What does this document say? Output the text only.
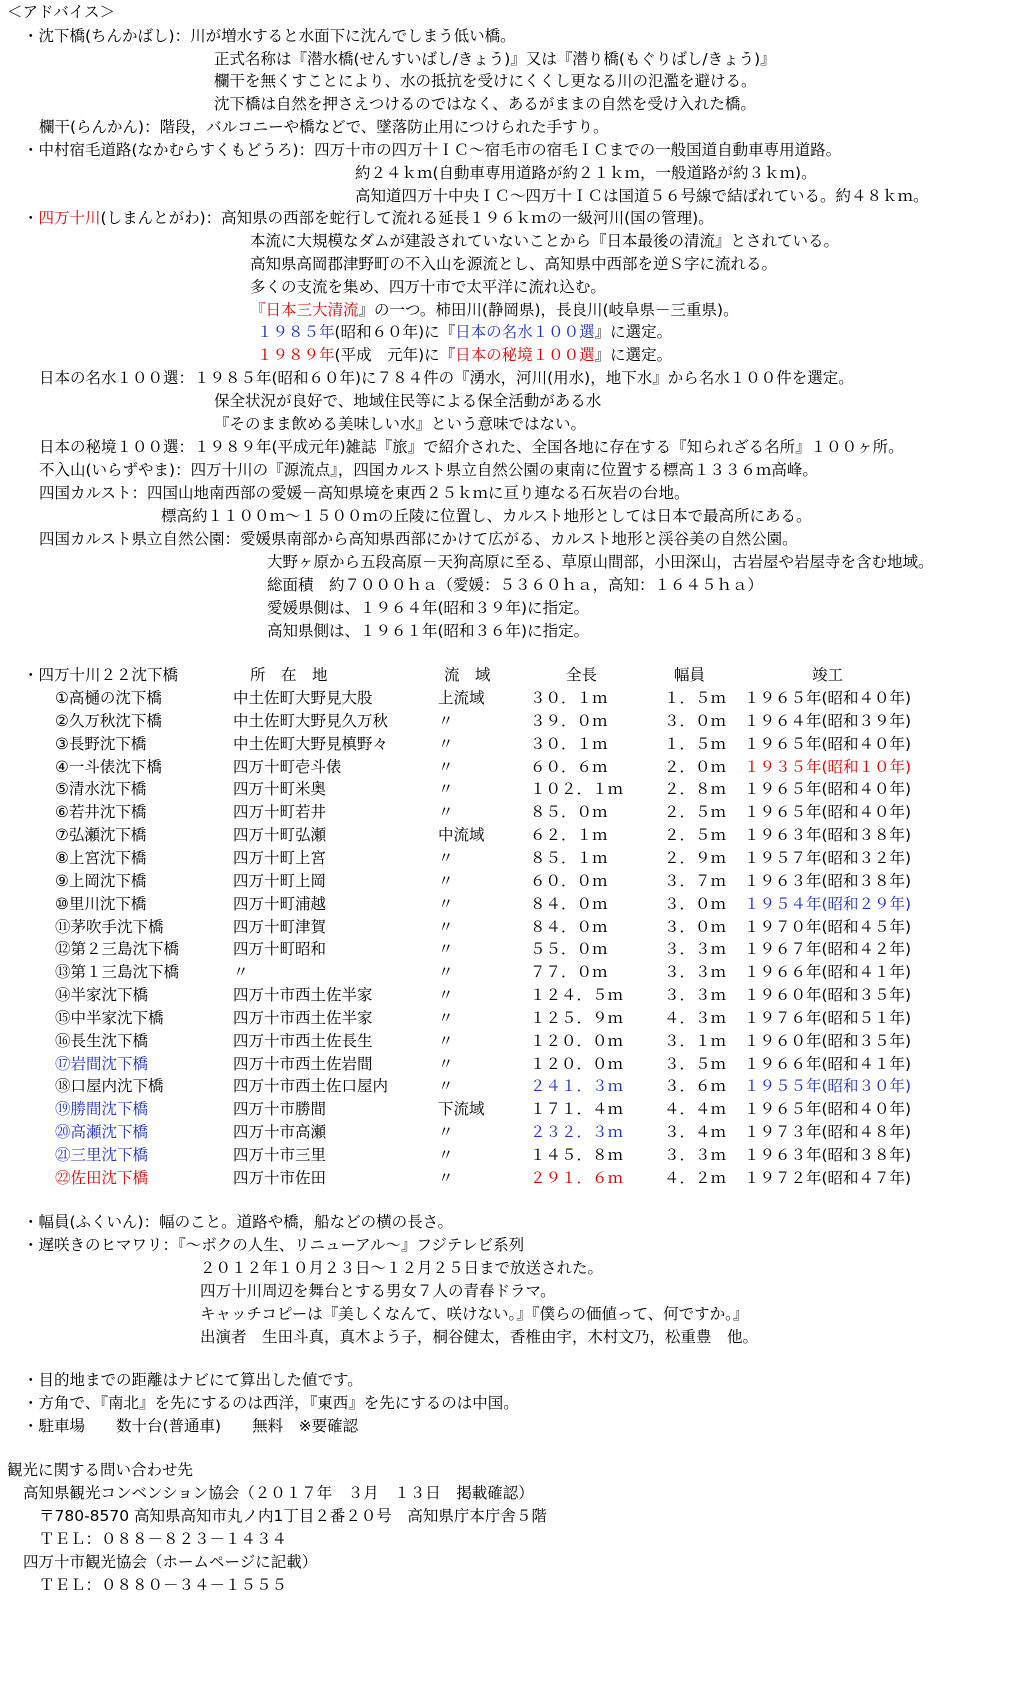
＜アドバイス＞
・沈下橋(ちんかばし)：川が増水すると水面下に沈んでしまう低い橋。
正式名称は『潜水橋(せんすいばし/きょう)』又は『潜り橋(もぐりばし/きょう)』
欄干を無くすことにより、水の抵抗を受けにくくし更なる川の氾濫を避ける。
沈下橋は自然を押さえつけるのではなく、あるがままの自然を受け入れた橋。
欄干(らんかん)：階段，バルコニーや橋などで、墜落防止用につけられた手すり。
・中村宿毛道路(なかむらすくもどうろ)：四万十市の四万十ＩＣ～宿毛市の宿毛ＩＣまでの一般国道自動車専用道路。
約２４ｋｍ(自動車専用道路が約２１ｋｍ，一般道路が約３ｋｍ)。
高知道四万十中央ＩＣ～四万十ＩＣは国道５６号線で結ばれている。約４８ｋｍ。
・四万十川(しまんとがわ)：高知県の西部を蛇行して流れる延長１９６ｋｍの一級河川(国の管理)。
本流に大規模なダムが建設されていないことから『日本最後の清流』とされている。
高知県高岡郡津野町の不入山を源流とし、高知県中西部を逆Ｓ字に流れる。
多くの支流を集め、四万十市で太平洋に流れ込む。
『日本三大清流』の一つ。柿田川(静岡県)，長良川(岐阜県－三重県)。
１９８５年(昭和６０年)に『日本の名水１００選』に選定。
１９８９年(平成　元年)に『日本の秘境１００選』に選定。
日本の名水１００選：１９８５年(昭和６０年)に７８４件の『湧水，河川(用水)，地下水』から名水１００件を選定。
保全状況が良好で、地域住民等による保全活動がある水
『そのまま飲める美味しい水』という意味ではない。
日本の秘境１００選：１９８９年(平成元年)雑誌『旅』で紹介された、全国各地に存在する『知られざる名所』１００ヶ所。
不入山(いらずやま)：四万十川の『源流点』，四国カルスト県立自然公園の東南に位置する標高１３３６ｍ高峰。
四国カルスト：四国山地南西部の愛媛－高知県境を東西２５ｋｍに亘り連なる石灰岩の台地。
標高約１１００ｍ～１５００ｍの丘陵に位置し、カルスト地形としては日本で最高所にある。
四国カルスト県立自然公園：愛媛県南部から高知県西部にかけて広がる、カルスト地形と渓谷美の自然公園。
大野ヶ原から五段高原－天狗高原に至る、草原山間部，小田深山，古岩屋や岩屋寺を含む地域。
総面積　約７０００ｈａ（愛媛：５３６０ｈａ，高知：１６４５ｈａ）
愛媛県側は、１９６４年(昭和３９年)に指定。
高知県側は、１９６１年(昭和３６年)に指定。
・四万十川２２沈下橋	所　在　地	流　域	全長	幅員	竣工
①高樋の沈下橋	中土佐町大野見大股	上流域	３０．１ｍ	１．５ｍ １９６５年(昭和４０年)
②久万秋沈下橋	中土佐町大野見久万秋	〃	３９．０ｍ	３．０ｍ １９６４年(昭和３９年)
③長野沈下橋	中土佐町大野見槙野々	〃	３０．１ｍ	１．５ｍ １９６５年(昭和４０年)
④一斗俵沈下橋	四万十町壱斗俵	〃	６０．６ｍ	２．０ｍ １９３５年(昭和１０年)
⑤清水沈下橋	四万十町米奥	〃	１０２．１ｍ	２．８ｍ １９６５年(昭和４０年)
⑥若井沈下橋	四万十町若井	〃	８５．０ｍ	２．５ｍ １９６５年(昭和４０年)
⑦弘瀬沈下橋	四万十町弘瀬	中流域	６２．１ｍ	２．５ｍ １９６３年(昭和３８年)
⑧上宮沈下橋	四万十町上宮	〃	８５．１ｍ	２．９ｍ １９５７年(昭和３２年)
⑨上岡沈下橋	四万十町上岡	〃	６０．０ｍ	３．７ｍ １９６３年(昭和３８年)
⑩里川沈下橋	四万十町浦越	〃	８４．０ｍ	３．０ｍ １９５４年(昭和２９年)
⑪茅吹手沈下橋	四万十町津賀	〃	８４．０ｍ	３．０ｍ １９７０年(昭和４５年)
⑫第２三島沈下橋	四万十町昭和	〃	５５．０ｍ	３．３ｍ １９６７年(昭和４２年)
⑬第１三島沈下橋	〃	〃	７７．０ｍ	３．３ｍ １９６６年(昭和４１年)
⑭半家沈下橋	四万十市西土佐半家	〃	１２４．５ｍ	３．３ｍ １９６０年(昭和３５年)
⑮中半家沈下橋	四万十市西土佐半家	〃	１２５．９ｍ	４．３ｍ １９７６年(昭和５１年)
⑯長生沈下橋	四万十市西土佐長生	〃	１２０．０ｍ	３．１ｍ １９６０年(昭和３５年)
⑰岩間沈下橋	四万十市西土佐岩間	〃	１２０．０ｍ	３．５ｍ １９６６年(昭和４１年)
⑱口屋内沈下橋	四万十市西土佐口屋内	〃	２４１．３ｍ	３．６ｍ １９５５年(昭和３０年)
⑲勝間沈下橋	四万十市勝間	下流域	１７１．４ｍ	４．４ｍ １９６５年(昭和４０年)
⑳高瀬沈下橋	四万十市高瀬	〃	２３２．３ｍ	３．４ｍ １９７３年(昭和４８年)
㉑三里沈下橋	四万十市三里	〃	１４５．８ｍ	３．３ｍ １９６３年(昭和３８年)
㉒佐田沈下橋	四万十市佐田	〃	２９１．６ｍ	４．２ｍ １９７２年(昭和４７年)
・幅員(ふくいん)：幅のこと。道路や橋，船などの横の長さ。
・遅咲きのヒマワリ：『～ボクの人生、リニューアル～』フジテレビ系列
２０１２年１０月２３日～１２月２５日まで放送された。
四万十川周辺を舞台とする男女７人の青春ドラマ。
キャッチコピーは『美しくなんて、咲けない。』『僕らの価値って、何ですか。』
出演者　生田斗真，真木よう子，桐谷健太，香椎由宇，木村文乃，松重豊　他。
・目的地までの距離はナビにて算出した値です。
・方角で、『南北』を先にするのは西洋，『東西』を先にするのは中国。
・駐車場　　数十台(普通車)　　無料　※要確認
観光に関する問い合わせ先
高知県観光コンベンション協会（２０１７年　３月　１３日　掲載確認）
〒780-8570 高知県高知市丸ノ内1丁目２番２０号　高知県庁本庁舎５階
ＴＥＬ：０８８－８２３－１４３４
四万十市観光協会（ホームページに記載）
ＴＥＬ：０８８０－３４－１５５５
